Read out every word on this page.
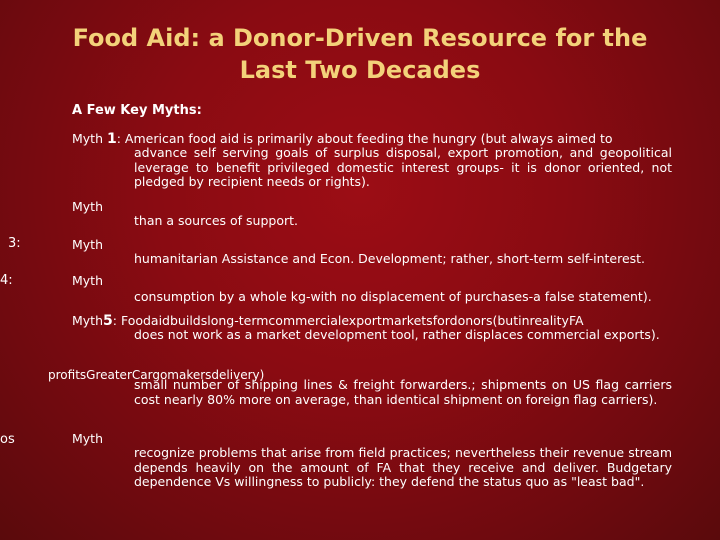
Food Aid: a Donor-Driven Resource for the
Last Two Decades
A Few Key Myths:
Myth 1: American food aid is primarily about feeding the hungry (but always aimed to
advance self serving goals of surplus disposal, export promotion, and geopolitical leverage to benefit privileged domestic interest groups- it is donor oriented, not pledged by recipient needs or rights).
Myth
than a sources of support.
3:	Myth
humanitarian Assistance and Econ. Development; rather, short-term self-interest.
4:	Myth
consumption by a whole kg-with no displacement of purchases-a false statement).
Myth5: Foodaidbuildslong-termcommercialexportmarketsfordonors(butinrealityFA
does not work as a market development tool, rather displaces commercial exports).
profitsGreaterCargomakersdelivery)
small number of shipping lines & freight forwarders.; shipments on US flag carriers cost nearly 80% more on average, than identical shipment on foreign flag carriers).
os	Myth
recognize problems that arise from field practices; nevertheless their revenue stream depends heavily on the amount of FA that they receive and deliver. Budgetary dependence Vs willingness to publicly: they defend the status quo as "least bad".
